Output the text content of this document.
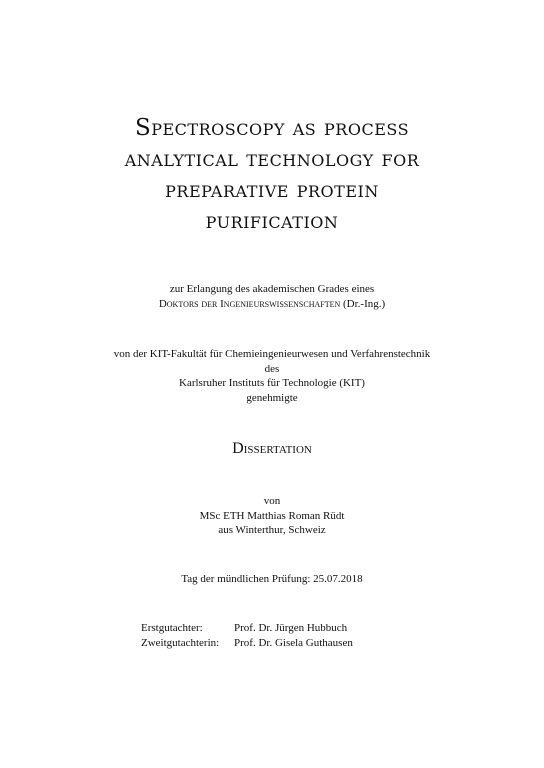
Spectroscopy as process
analytical technology for
preparative protein
purification
zur Erlangung des akademischen Grades eines
Doktors der Ingenieurswissenschaften (Dr.-Ing.)
von der KIT-Fakultät für Chemieingenieurwesen und Verfahrenstechnik
des
Karlsruher Instituts für Technologie (KIT)
genehmigte
Dissertation
von
MSc ETH Matthias Roman Rüdt
aus Winterthur, Schweiz
Tag der mündlichen Prüfung: 25.07.2018
Erstgutachter:	Prof. Dr. Jürgen Hubbuch
Zweitgutachterin:	Prof. Dr. Gisela Guthausen
